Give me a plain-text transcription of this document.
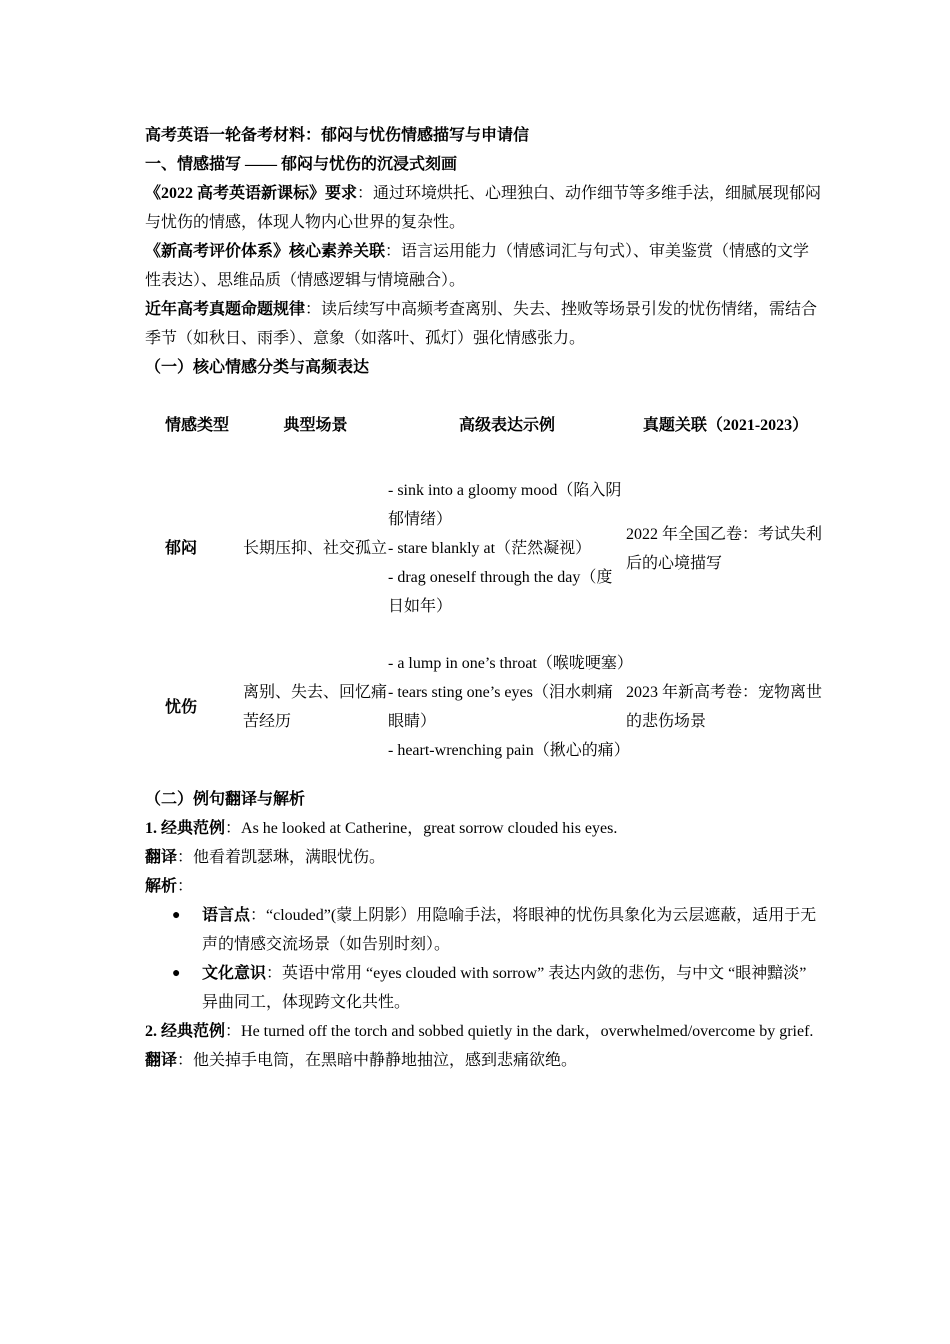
高考英语一轮备考材料：郁闷与忧伤情感描写与申请信

一、情感描写 —— 郁闷与忧伤的沉浸式刻画

《2022 高考英语新课标》要求：通过环境烘托、心理独白、动作细节等多维手法，细腻展现郁闷与忧伤的情感，体现人物内心世界的复杂性。

《新高考评价体系》核心素养关联：语言运用能力（情感词汇与句式）、审美鉴赏（情感的文学性表达）、思维品质（情感逻辑与情境融合）。

近年高考真题命题规律：读后续写中高频考查离别、失去、挫败等场景引发的忧伤情绪，需结合季节（如秋日、雨季）、意象（如落叶、孤灯）强化情感张力。

（一）核心情感分类与高频表达

情感类型	典型场景	高级表达示例	真题关联（2021-2023）
郁闷	长期压抑、社交孤立	- sink into a gloomy mood（陷入阴郁情绪）
- stare blankly at（茫然凝视）
- drag oneself through the day（度日如年）	2022 年全国乙卷：考试失利后的心境描写
忧伤	离别、失去、回忆痛苦经历	- a lump in one’s throat（喉咙哽塞）
- tears sting one’s eyes（泪水刺痛眼睛）
- heart-wrenching pain（揪心的痛）	2023 年新高考卷：宠物离世的悲伤场景

（二）例句翻译与解析

1. 经典范例：As he looked at Catherine，great sorrow clouded his eyes.

翻译：他看着凯瑟琳，满眼忧伤。

解析：

● 语言点：“clouded”(蒙上阴影）用隐喻手法，将眼神的忧伤具象化为云层遮蔽，适用于无声的情感交流场景（如告别时刻）。
● 文化意识：英语中常用 “eyes clouded with sorrow” 表达内敛的悲伤，与中文 “眼神黯淡” 异曲同工，体现跨文化共性。

2. 经典范例：He turned off the torch and sobbed quietly in the dark，overwhelmed/overcome by grief.

翻译：他关掉手电筒，在黑暗中静静地抽泣，感到悲痛欲绝。
